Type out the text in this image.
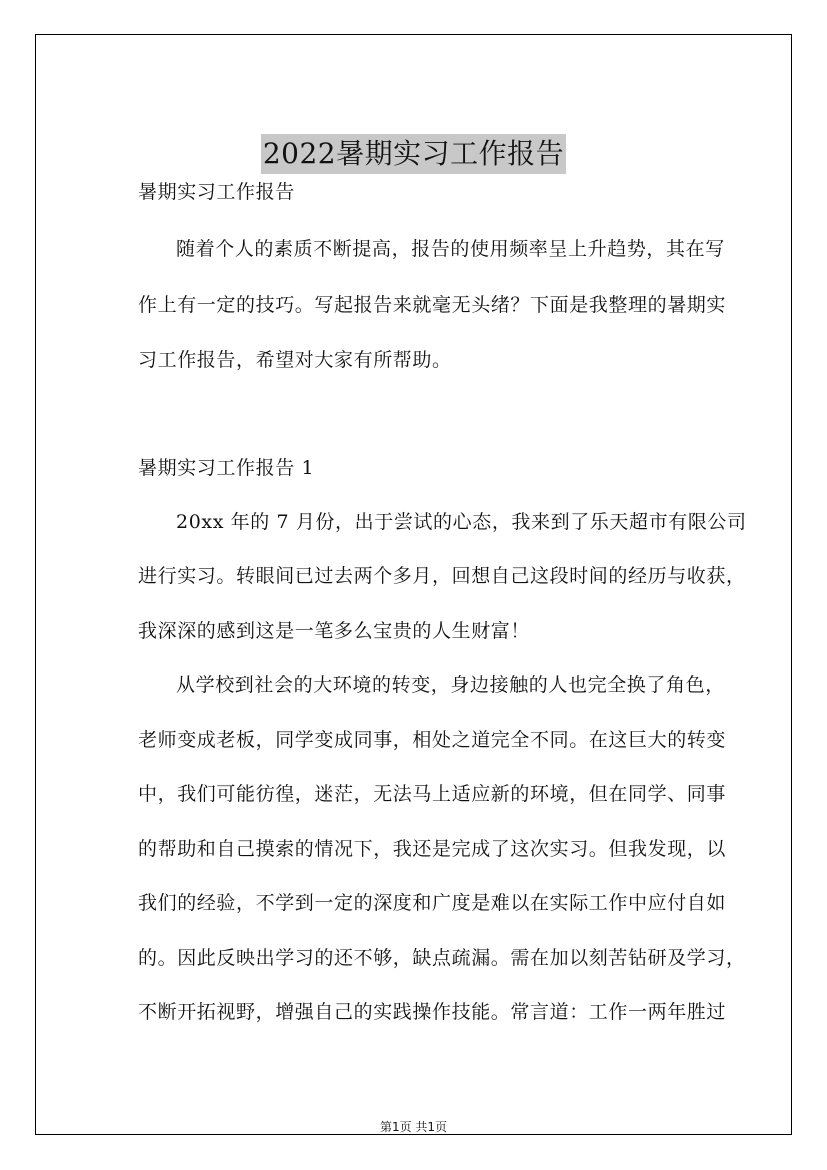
2022暑期实习工作报告
暑期实习工作报告
随着个人的素质不断提高，报告的使用频率呈上升趋势，其在写
作上有一定的技巧。写起报告来就毫无头绪？下面是我整理的暑期实
习工作报告，希望对大家有所帮助。
暑期实习工作报告 1
20xx 年的 7 月份，出于尝试的心态，我来到了乐天超市有限公司
进行实习。转眼间已过去两个多月，回想自己这段时间的经历与收获，
我深深的感到这是一笔多么宝贵的人生财富！
从学校到社会的大环境的转变，身边接触的人也完全换了角色，
老师变成老板，同学变成同事，相处之道完全不同。在这巨大的转变
中，我们可能彷徨，迷茫，无法马上适应新的环境，但在同学、同事
的帮助和自己摸索的情况下，我还是完成了这次实习。但我发现，以
我们的经验，不学到一定的深度和广度是难以在实际工作中应付自如
的。因此反映出学习的还不够，缺点疏漏。需在加以刻苦钻研及学习，
不断开拓视野，增强自己的实践操作技能。常言道：工作一两年胜过
第1页 共1页
